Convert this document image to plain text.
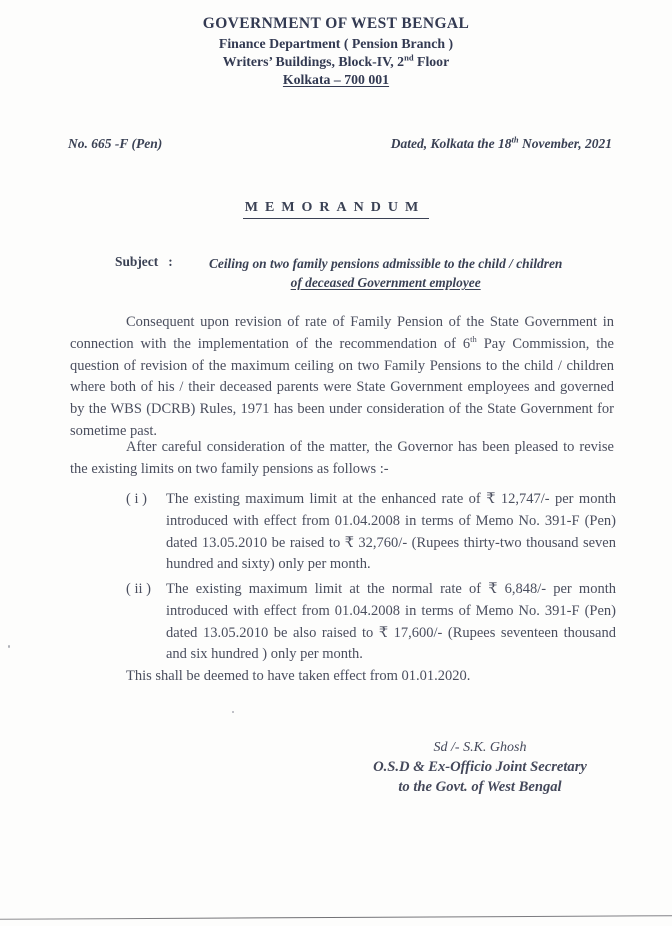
GOVERNMENT OF WEST BENGAL
Finance Department ( Pension Branch )
Writers’ Buildings, Block-IV, 2nd Floor
Kolkata – 700 001
No. 665 -F (Pen)	Dated, Kolkata the 18th November, 2021
MEMORANDUM
Subject   :	Ceiling on two family pensions admissible to the child / children
of deceased Government employee

Consequent upon revision of rate of Family Pension of the State Government in connection with the implementation of the recommendation of 6th Pay Commission, the question of revision of the maximum ceiling on two Family Pensions to the child / children where both of his / their deceased parents were State Government employees and governed by the WBS (DCRB) Rules, 1971 has been under consideration of the State Government for sometime past.

After careful consideration of the matter, the Governor has been pleased to revise the existing limits on two family pensions as follows :-

( i )	The existing maximum limit at the enhanced rate of ₹ 12,747/- per month introduced with effect from 01.04.2008 in terms of Memo No. 391-F (Pen) dated 13.05.2010 be raised to ₹ 32,760/- (Rupees thirty-two thousand seven hundred and sixty) only per month.
( ii )	The existing maximum limit at the normal rate of ₹ 6,848/- per month introduced with effect from 01.04.2008 in terms of Memo No. 391-F (Pen) dated 13.05.2010 be also raised to ₹ 17,600/- (Rupees seventeen thousand and six hundred ) only per month.

This shall be deemed to have taken effect from 01.01.2020.

Sd /- S.K. Ghosh
O.S.D & Ex-Officio Joint Secretary
to the Govt. of West Bengal
